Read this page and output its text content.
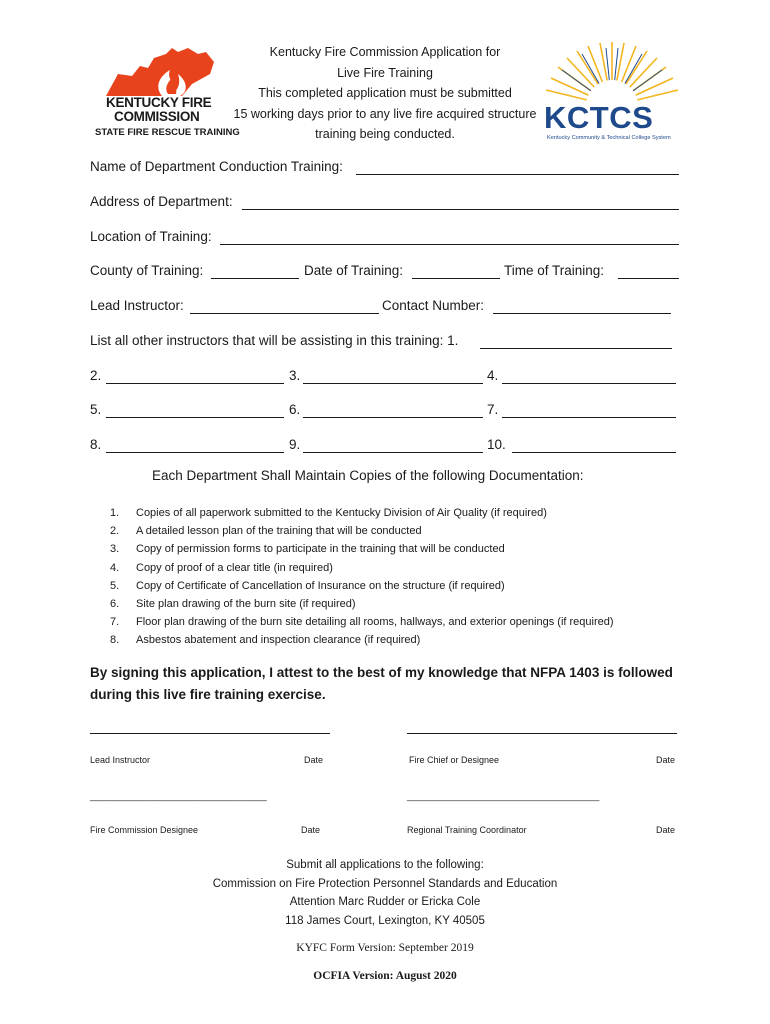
Kentucky Fire Commission Application for
Live Fire Training
This completed application must be submitted
15 working days prior to any live fire acquired structure
training being conducted.
KENTUCKY FIRE
COMMISSION
STATE FIRE RESCUE TRAINING	KCTCS
Kentucky Community & Technical College System
Name of Department Conduction Training:
Address of Department:
Location of Training:
County of Training:	Date of Training:	Time of Training:
Lead Instructor:	Contact Number:
List all other instructors that will be assisting in this training: 1.
2.	3.	4.
5.	6.	7.
8.	9.	10.
Each Department Shall Maintain Copies of the following Documentation:
1. Copies of all paperwork submitted to the Kentucky Division of Air Quality (if required)
2. A detailed lesson plan of the training that will be conducted
3. Copy of permission forms to participate in the training that will be conducted
4. Copy of proof of a clear title (in required)
5. Copy of Certificate of Cancellation of Insurance on the structure (if required)
6. Site plan drawing of the burn site (if required)
7. Floor plan drawing of the burn site detailing all rooms, hallways, and exterior openings (if required)
8. Asbestos abatement and inspection clearance (if required)
By signing this application, I attest to the best of my knowledge that NFPA 1403 is followed during this live fire training exercise.
Lead Instructor	Date	Fire Chief or Designee	Date
________________________________________	________________________________________
Fire Commission Designee	Date	Regional Training Coordinator	Date
Submit all applications to the following:
Commission on Fire Protection Personnel Standards and Education
Attention Marc Rudder or Ericka Cole
118 James Court, Lexington, KY 40505
KYFC Form Version: September 2019
OCFIA Version: August 2020
